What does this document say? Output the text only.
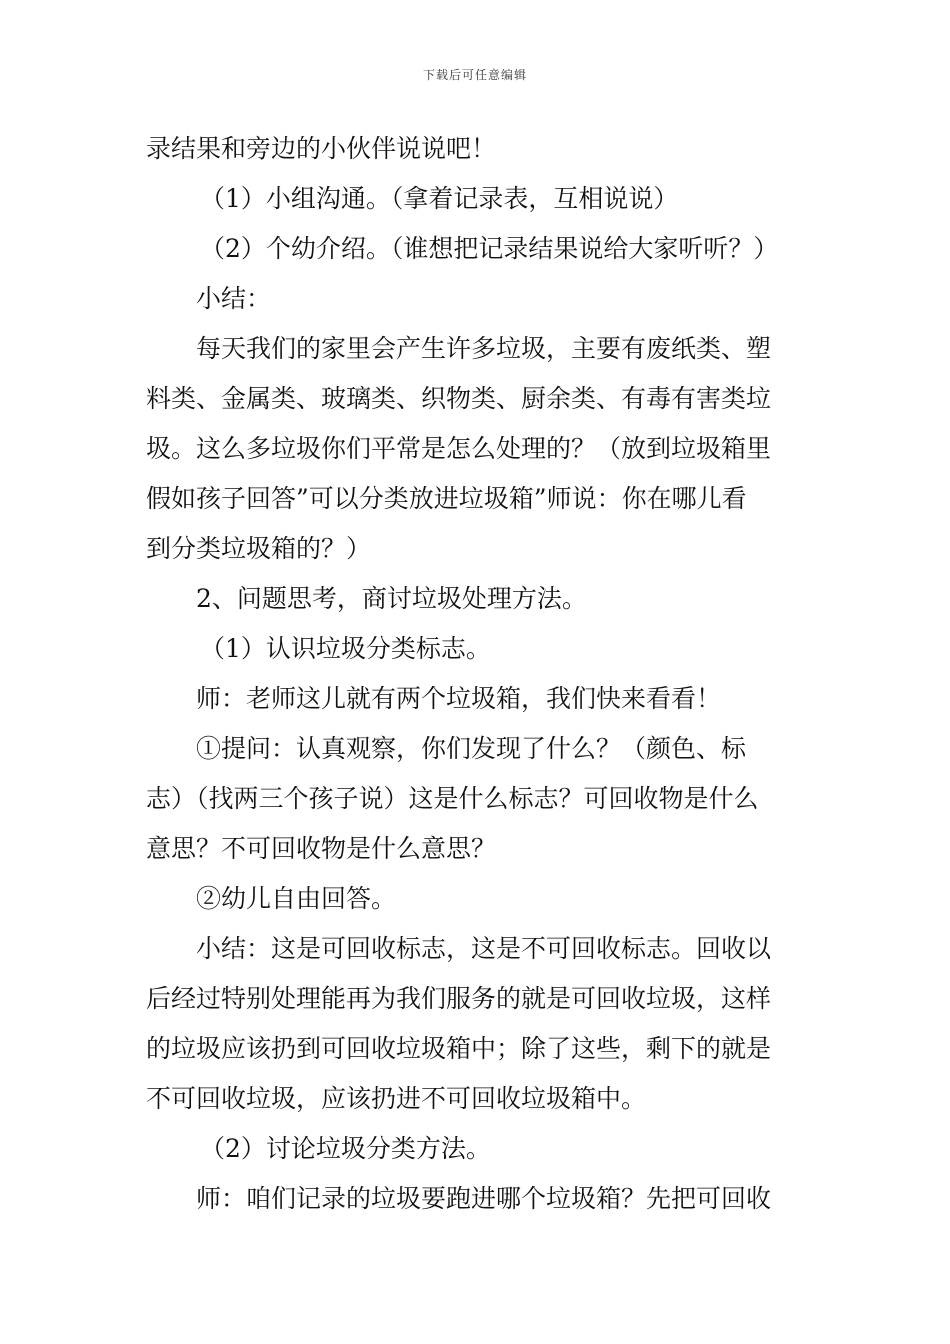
下载后可任意编辑
录结果和旁边的小伙伴说说吧！
（1）小组沟通。（拿着记录表，互相说说）
（2）个幼介绍。（谁想把记录结果说给大家听听？）
小结：
每天我们的家里会产生许多垃圾，主要有废纸类、塑
料类、金属类、玻璃类、织物类、厨余类、有毒有害类垃
圾。这么多垃圾你们平常是怎么处理的？（放到垃圾箱里
假如孩子回答”可以分类放进垃圾箱”师说：你在哪儿看
到分类垃圾箱的？）
2、问题思考，商讨垃圾处理方法。
（1）认识垃圾分类标志。
师：老师这儿就有两个垃圾箱，我们快来看看！
①提问：认真观察，你们发现了什么？（颜色、标
志）（找两三个孩子说）这是什么标志？可回收物是什么
意思？不可回收物是什么意思？
②幼儿自由回答。
小结：这是可回收标志，这是不可回收标志。回收以
后经过特别处理能再为我们服务的就是可回收垃圾，这样
的垃圾应该扔到可回收垃圾箱中；除了这些，剩下的就是
不可回收垃圾，应该扔进不可回收垃圾箱中。
（2）讨论垃圾分类方法。
师：咱们记录的垃圾要跑进哪个垃圾箱？先把可回收
